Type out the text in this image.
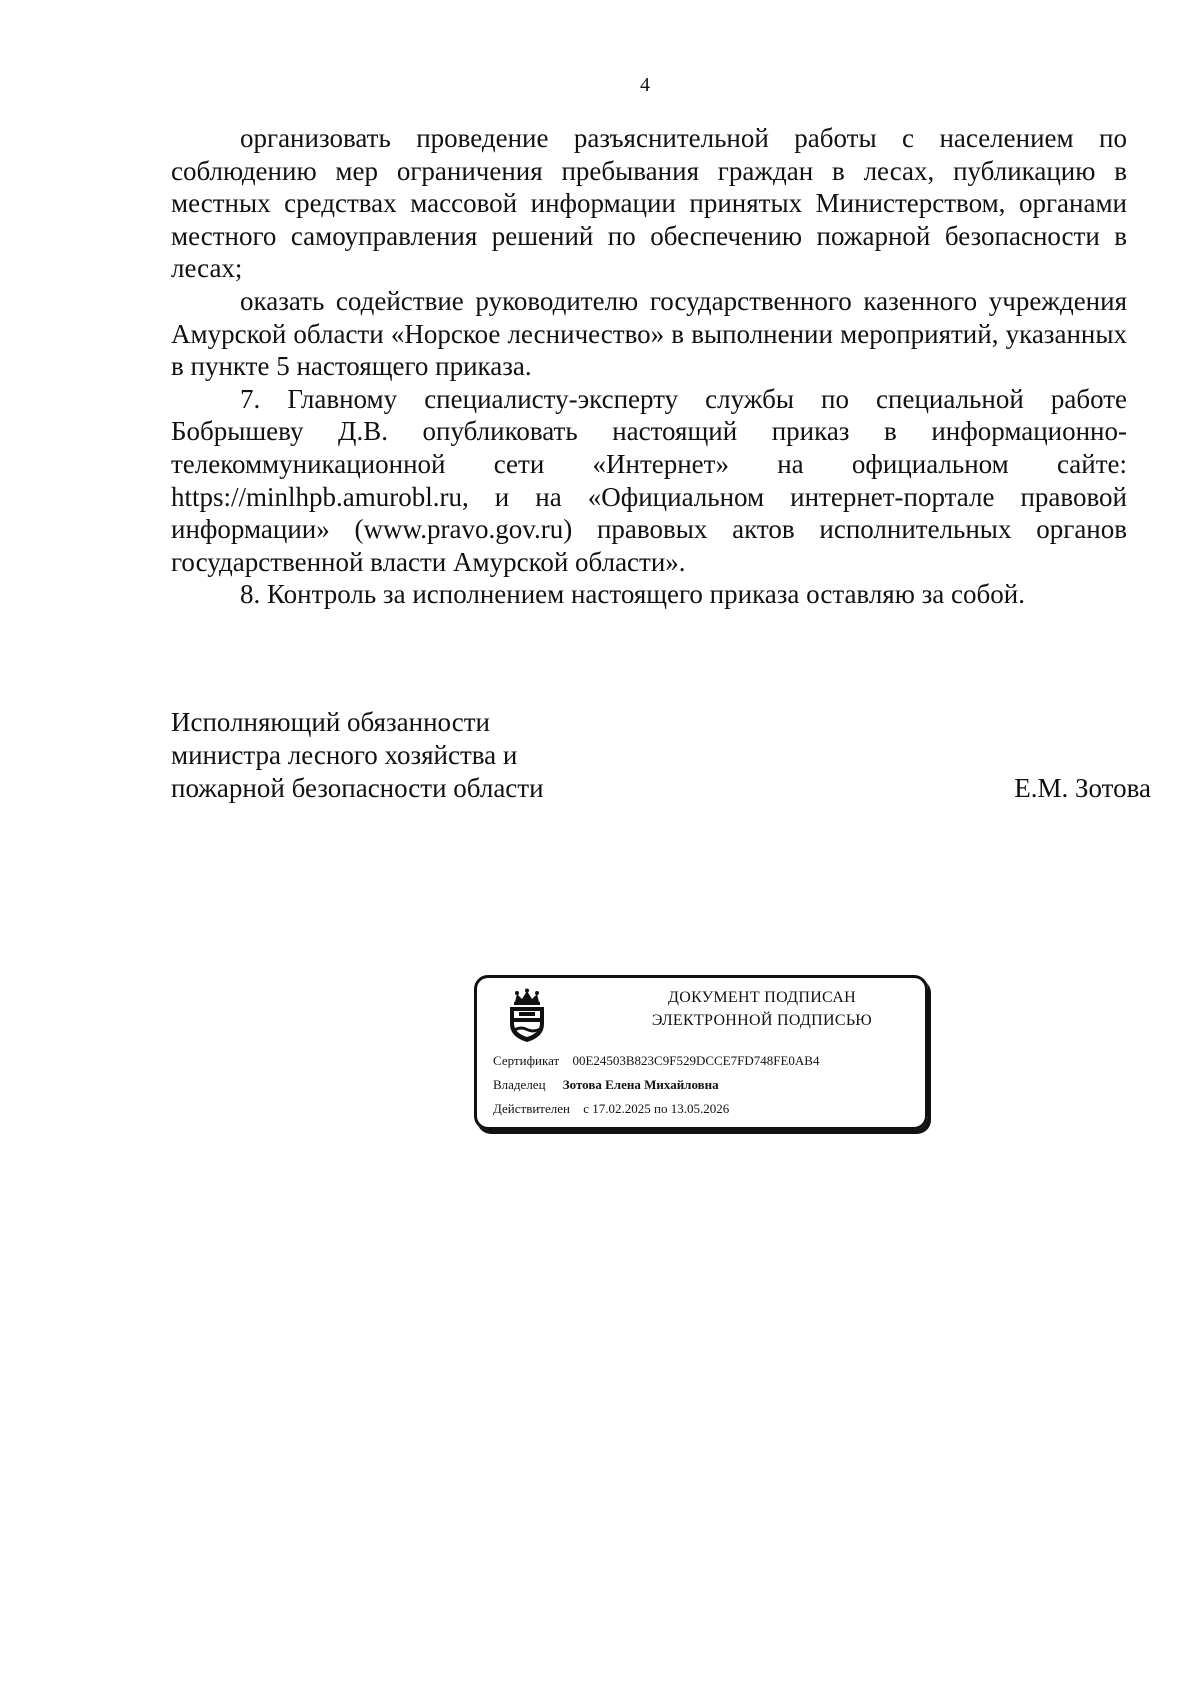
4

организовать проведение разъяснительной работы с населением по соблюдению мер ограничения пребывания граждан в лесах, публикацию в местных средствах массовой информации принятых Министерством, органами местного самоуправления решений по обеспечению пожарной безопасности в лесах;

оказать содействие руководителю государственного казенного учреждения Амурской области «Норское лесничество» в выполнении мероприятий, указанных в пункте 5 настоящего приказа.

7. Главному специалисту-эксперту службы по специальной работе Бобрышеву Д.В. опубликовать настоящий приказ в информационно-телекоммуникационной сети «Интернет» на официальном сайте: https://minlhpb.amurobl.ru, и на «Официальном интернет-портале правовой информации» (www.pravo.gov.ru) правовых актов исполнительных органов государственной власти Амурской области».

8. Контроль за исполнением настоящего приказа оставляю за собой.

Исполняющий обязанности
министра лесного хозяйства и
пожарной безопасности области	Е.М. Зотова
ДОКУМЕНТ ПОДПИСАН
ЭЛЕКТРОННОЙ ПОДПИСЬЮ
Сертификат 00E24503B823C9F529DCCE7FD748FE0AB4
Владелец Зотова Елена Михайловна
Действителен с 17.02.2025 по 13.05.2026
